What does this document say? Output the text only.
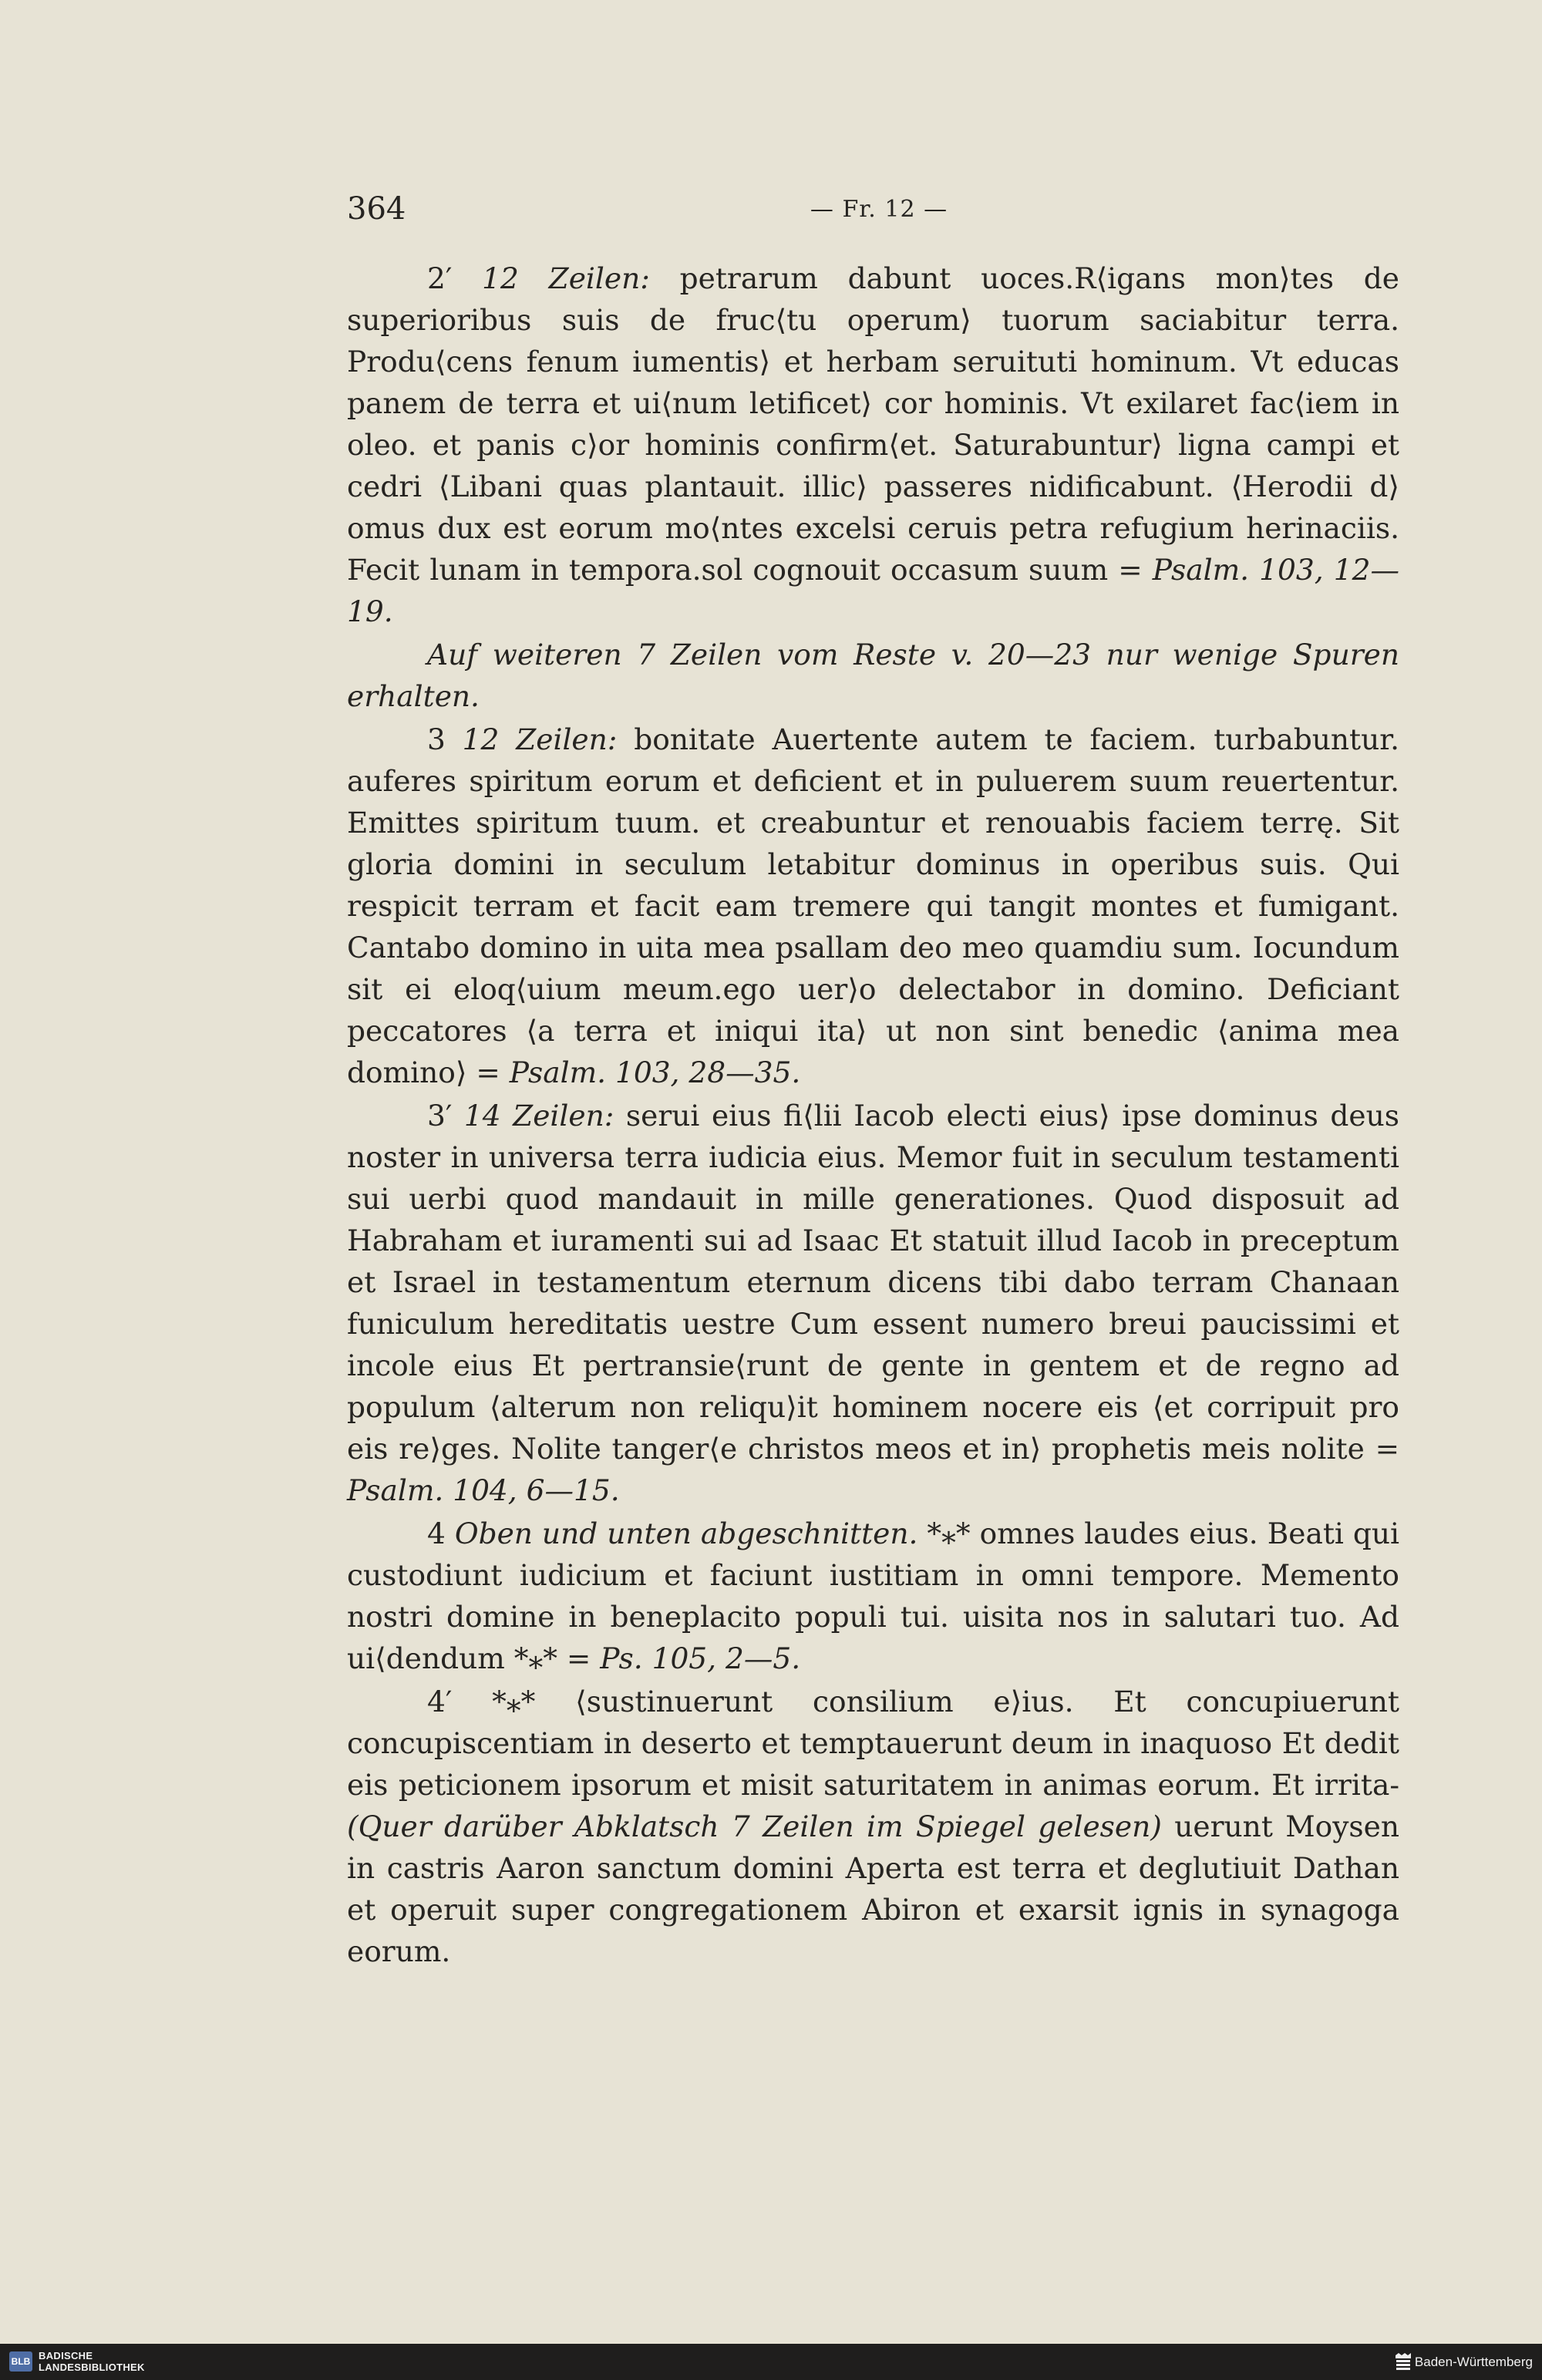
364	— Fr. 12 —

2′ 12 Zeilen: petrarum dabunt uoces.R⟨igans mon⟩tes de superioribus suis de fruc⟨tu operum⟩ tuorum saciabitur terra. Produ⟨cens fenum iumentis⟩ et herbam seruituti hominum. Vt educas panem de terra et ui⟨num letificet⟩ cor hominis. Vt exilaret fac⟨iem in oleo. et panis c⟩or hominis confirm⟨et. Saturabuntur⟩ ligna campi et cedri ⟨Libani quas plantauit. illic⟩ passeres nidificabunt. ⟨Herodii d⟩omus dux est eorum mo⟨ntes excelsi ceruis petra refugium herinaciis. Fecit lunam in tempora.sol cognouit occasum suum = Psalm. 103, 12—19.

Auf weiteren 7 Zeilen vom Reste v. 20—23 nur wenige Spuren erhalten.

3 12 Zeilen: bonitate Auertente autem te faciem. turbabuntur. auferes spiritum eorum et deficient et in puluerem suum reuertentur. Emittes spiritum tuum. et creabuntur et renouabis faciem terrę. Sit gloria domini in seculum letabitur dominus in operibus suis. Qui respicit terram et facit eam tremere qui tangit montes et fumigant. Cantabo domino in uita mea psallam deo meo quamdiu sum. Iocundum sit ei eloq⟨uium meum.ego uer⟩o delectabor in domino. Deficiant peccatores ⟨a terra et iniqui ita⟩ ut non sint benedic ⟨anima mea domino⟩ = Psalm. 103, 28—35.

3′ 14 Zeilen: serui eius fi⟨lii Iacob electi eius⟩ ipse dominus deus noster in universa terra iudicia eius. Memor fuit in seculum testamenti sui uerbi quod mandauit in mille generationes. Quod disposuit ad Habraham et iuramenti sui ad Isaac Et statuit illud Iacob in preceptum et Israel in testamentum eternum dicens tibi dabo terram Chanaan funiculum hereditatis uestre Cum essent numero breui paucissimi et incole eius Et pertransie⟨runt de gente in gentem et de regno ad populum ⟨alterum non reliqu⟩it hominem nocere eis ⟨et corripuit pro eis re⟩ges. Nolite tanger⟨e christos meos et in⟩ prophetis meis nolite = Psalm. 104, 6—15.

4 Oben und unten abgeschnitten. *⁎* omnes laudes eius. Beati qui custodiunt iudicium et faciunt iustitiam in omni tempore. Memento nostri domine in beneplacito populi tui. uisita nos in salutari tuo. Ad ui⟨dendum *⁎* = Ps. 105, 2—5.

4′ *⁎* ⟨sustinuerunt consilium e⟩ius. Et concupiuerunt concupiscentiam in deserto et temptauerunt deum in inaquoso Et dedit eis peticionem ipsorum et misit saturitatem in animas eorum. Et irrita- (Quer darüber Abklatsch 7 Zeilen im Spiegel gelesen) uerunt Moysen in castris Aaron sanctum domini Aperta est terra et deglutiuit Dathan et operuit super congregationem Abiron et exarsit ignis in synagoga eorum.

BLB BADISCHE
LANDESBIBLIOTHEK	Baden-Württemberg
